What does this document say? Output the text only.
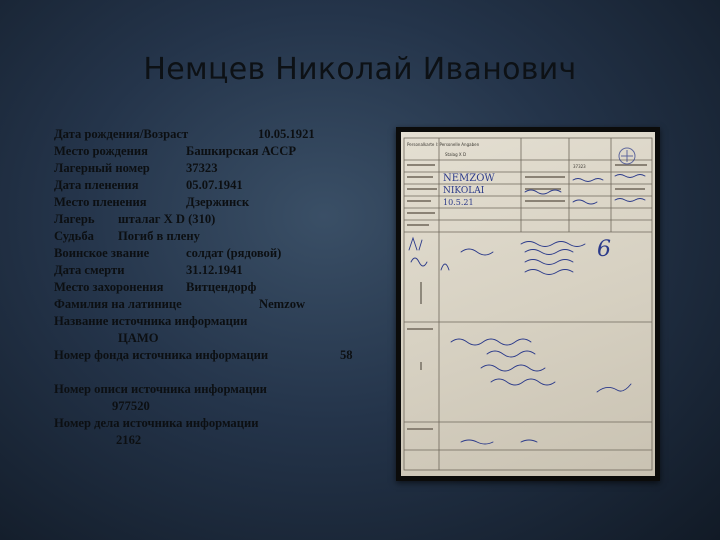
Немцев Николай Иванович
Дата рождения/Возраст	10.05.1921
Место рождения	Башкирская АССР
Лагерный номер	37323
Дата пленения	05.07.1941
Место пленения	Дзержинск
Лагерь шталаг X D (310)
Судьба Погиб в плену
Воинское звание	солдат (рядовой)
Дата смерти	31.12.1941
Место захоронения Витцендорф
Фамилия на латинице	Nemzow
Название источника информации
ЦАМО
Номер фонда источника информации	58
Номер описи источника информации
977520
Номер дела источника информации
2162
Personalkarte I: Personelle Angaben
Stalag X D
37323
NEMZOW
NIKOLAI
10.5.21
6
